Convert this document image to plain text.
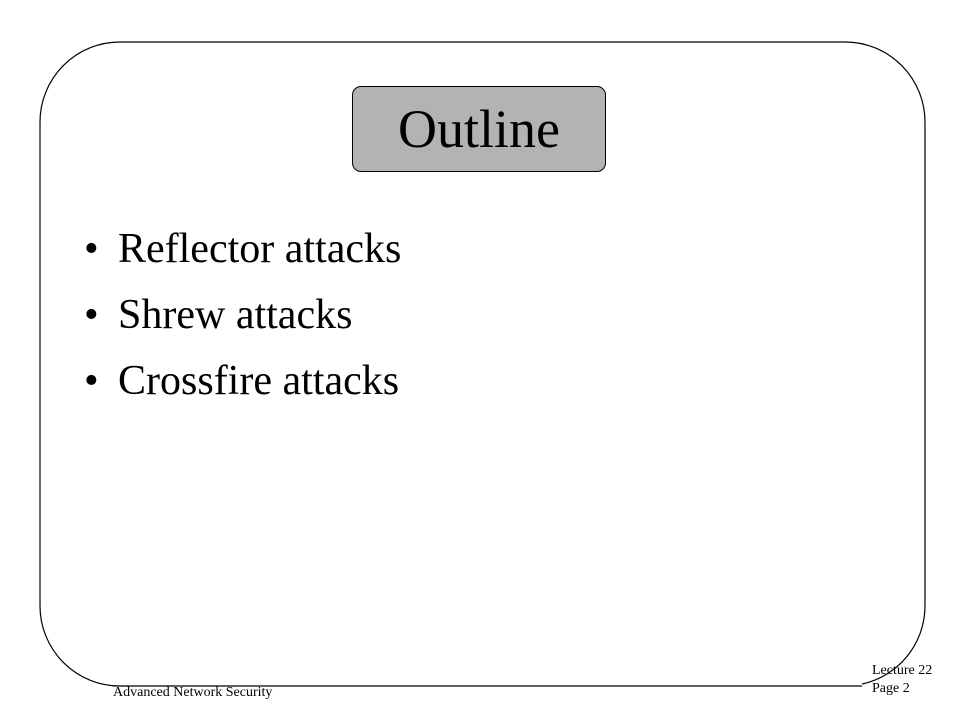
Outline
• Reflector attacks
• Shrew attacks
• Crossfire attacks
Advanced Network Security
Lecture 22
Page 2
